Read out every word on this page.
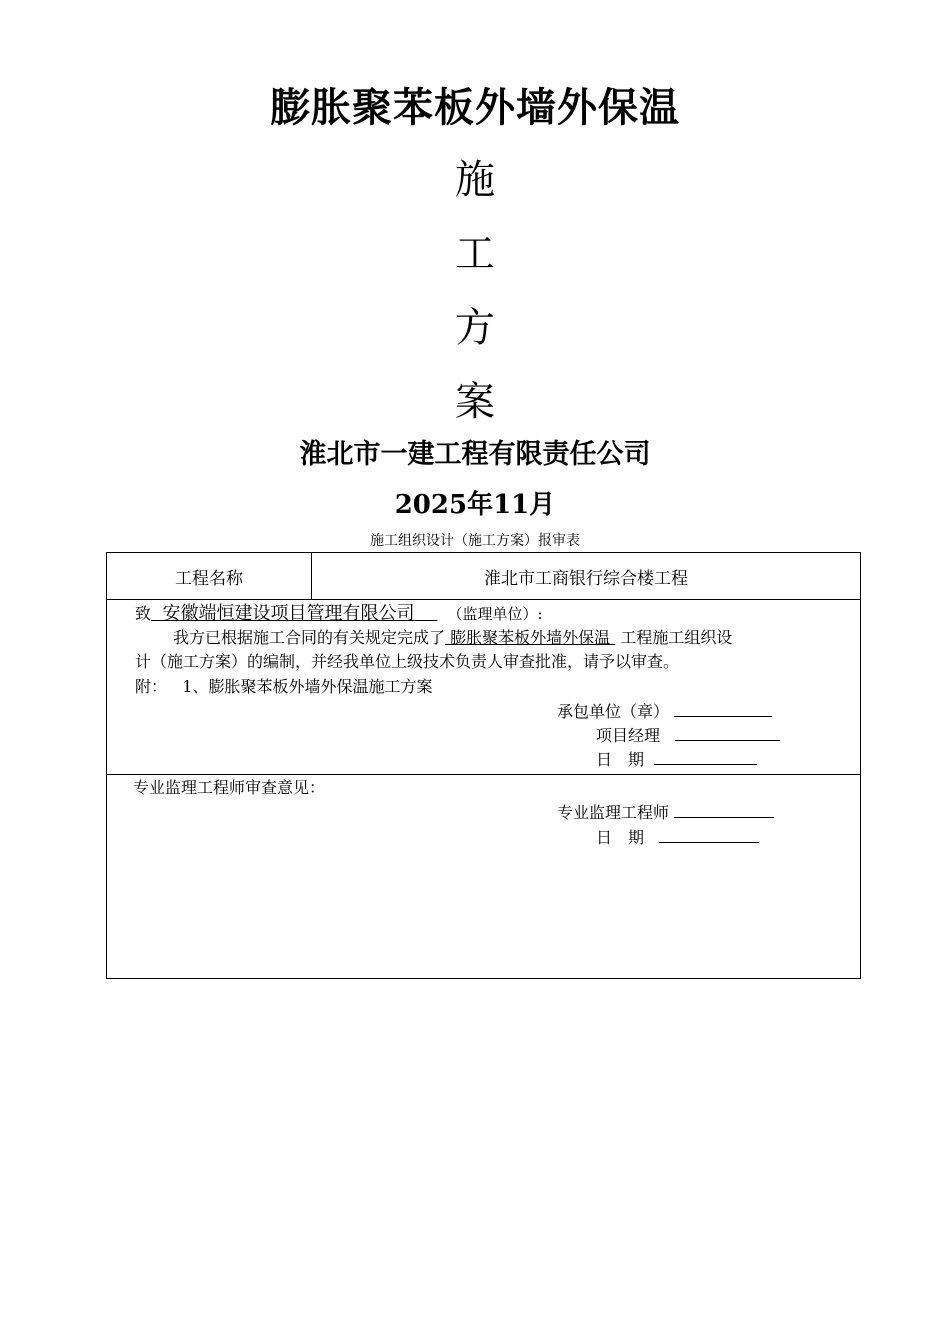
膨胀聚苯板外墙外保温
施
工
方
案
淮北市一建工程有限责任公司
2025年11月
施工组织设计（施工方案）报审表
工程名称	淮北市工商银行综合楼工程
致 安徽端恒建设项目管理有限公司 （监理单位）:
我方已根据施工合同的有关规定完成了 膨胀聚苯板外墙外保温 工程施工组织设
计（施工方案）的编制，并经我单位上级技术负责人审查批准，请予以审查。
附： 1、膨胀聚苯板外墙外保温施工方案
承包单位（章）
项目经理
日　期
专业监理工程师审查意见：
专业监理工程师
日　期
